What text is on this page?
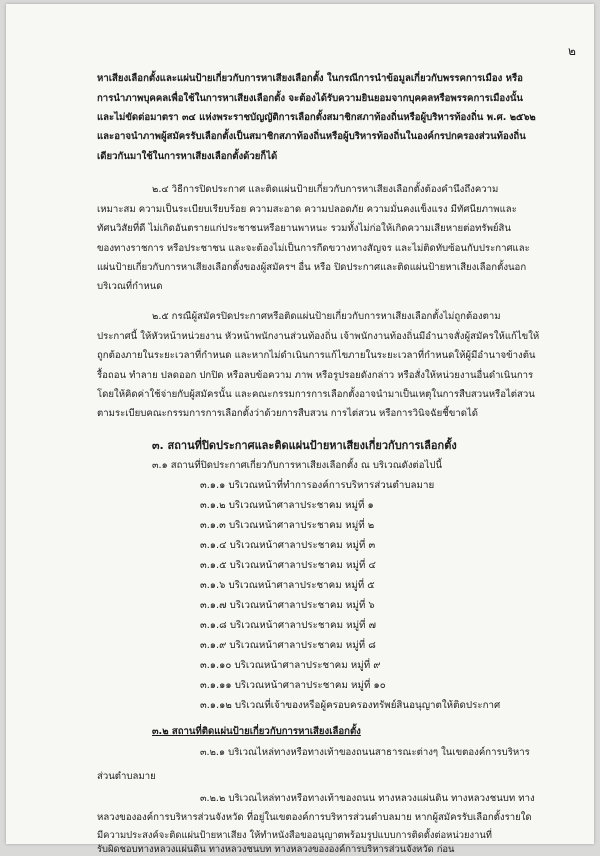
๒
หาเสียงเลือกตั้งและแผ่นป้ายเกี่ยวกับการหาเสียงเลือกตั้ง ในกรณีการนำข้อมูลเกี่ยวกับพรรคการเมือง หรือ
การนำภาพบุคคลเพื่อใช้ในการหาเสียงเลือกตั้ง จะต้องได้รับความยินยอมจากบุคคลหรือพรรคการเมืองนั้น
และไม่ขัดต่อมาตรา ๓๔ แห่งพระราชบัญญัติการเลือกตั้งสมาชิกสภาท้องถิ่นหรือผู้บริหารท้องถิ่น พ.ศ. ๒๕๖๒
และอาจนำภาพผู้สมัครรับเลือกตั้งเป็นสมาชิกสภาท้องถิ่นหรือผู้บริหารท้องถิ่นในองค์กรปกครองส่วนท้องถิ่น
เดียวกันมาใช้ในการหาเสียงเลือกตั้งด้วยก็ได้
๒.๔ วิธีการปิดประกาศ และติดแผ่นป้ายเกี่ยวกับการหาเสียงเลือกตั้งต้องคำนึงถึงความ
เหมาะสม ความเป็นระเบียบเรียบร้อย ความสะอาด ความปลอดภัย ความมั่นคงแข็งแรง มีทัศนียภาพและ
ทัศนวิสัยที่ดี ไม่เกิดอันตรายแก่ประชาชนหรือยานพาหนะ รวมทั้งไม่ก่อให้เกิดความเสียหายต่อทรัพย์สิน
ของทางราชการ หรือประชาชน และจะต้องไม่เป็นการกีดขวางทางสัญจร และไม่ติดทับซ้อนกับประกาศและ
แผ่นป้ายเกี่ยวกับการหาเสียงเลือกตั้งของผู้สมัครฯ อื่น หรือ ปิดประกาศและติดแผ่นป้ายหาเสียงเลือกตั้งนอก
บริเวณที่กำหนด
๒.๕ กรณีผู้สมัครปิดประกาศหรือติดแผ่นป้ายเกี่ยวกับการหาเสียงเลือกตั้งไม่ถูกต้องตาม
ประกาศนี้ ให้หัวหน้าหน่วยงาน หัวหน้าพนักงานส่วนท้องถิ่น เจ้าพนักงานท้องถิ่นมีอำนาจสั่งผู้สมัครให้แก้ไขให้
ถูกต้องภายในระยะเวลาที่กำหนด และหากไม่ดำเนินการแก้ไขภายในระยะเวลาที่กำหนดให้ผู้มีอำนาจข้างต้น
รื้อถอน ทำลาย ปลดออก ปกปิด หรือลบข้อความ ภาพ หรือรูปรอยดังกล่าว หรือสั่งให้หน่วยงานอื่นดำเนินการ
โดยให้คิดค่าใช้จ่ายกับผู้สมัครนั้น และคณะกรรมการการเลือกตั้งอาจนำมาเป็นเหตุในการสืบสวนหรือไต่สวน
ตามระเบียบคณะกรรมการการเลือกตั้งว่าด้วยการสืบสวน การไต่สวน หรือการวินิจฉัยชี้ขาดได้
๓. สถานที่ปิดประกาศและติดแผ่นป้ายหาเสียงเกี่ยวกับการเลือกตั้ง
๓.๑ สถานที่ปิดประกาศเกี่ยวกับการหาเสียงเลือกตั้ง ณ บริเวณดังต่อไปนี้
๓.๑.๑ บริเวณหน้าที่ทำการองค์การบริหารส่วนตำบลมาย
๓.๑.๒ บริเวณหน้าศาลาประชาคม หมู่ที่ ๑
๓.๑.๓ บริเวณหน้าศาลาประชาคม หมู่ที่ ๒
๓.๑.๔ บริเวณหน้าศาลาประชาคม หมู่ที่ ๓
๓.๑.๕ บริเวณหน้าศาลาประชาคม หมู่ที่ ๔
๓.๑.๖ บริเวณหน้าศาลาประชาคม หมู่ที่ ๕
๓.๑.๗ บริเวณหน้าศาลาประชาคม หมู่ที่ ๖
๓.๑.๘ บริเวณหน้าศาลาประชาคม หมู่ที่ ๗
๓.๑.๙ บริเวณหน้าศาลาประชาคม หมู่ที่ ๘
๓.๑.๑๐ บริเวณหน้าศาลาประชาคม หมู่ที่ ๙
๓.๑.๑๑ บริเวณหน้าศาลาประชาคม หมู่ที่ ๑๐
๓.๑.๑๒ บริเวณที่เจ้าของหรือผู้ครอบครองทรัพย์สินอนุญาตให้ติดประกาศ
๓.๒ สถานที่ติดแผ่นป้ายเกี่ยวกับการหาเสียงเลือกตั้ง
๓.๒.๑ บริเวณไหล่ทางหรือทางเท้าของถนนสาธารณะต่างๆ ในเขตองค์การบริหาร
ส่วนตำบลมาย
๓.๒.๒ บริเวณไหล่ทางหรือทางเท้าของถนน ทางหลวงแผ่นดิน ทางหลวงชนบท ทาง
หลวงขององค์การบริหารส่วนจังหวัด ที่อยู่ในเขตองค์การบริหารส่วนตำบลมาย หากผู้สมัครรับเลือกตั้งรายใด
มีความประสงค์จะติดแผ่นป้ายหาเสียง ให้ทำหนังสือขออนุญาตพร้อมรูปแบบการติดตั้งต่อหน่วยงานที่
รับผิดชอบทางหลวงแผ่นดิน ทางหลวงชนบท ทางหลวงขององค์การบริหารส่วนจังหวัด ก่อน
